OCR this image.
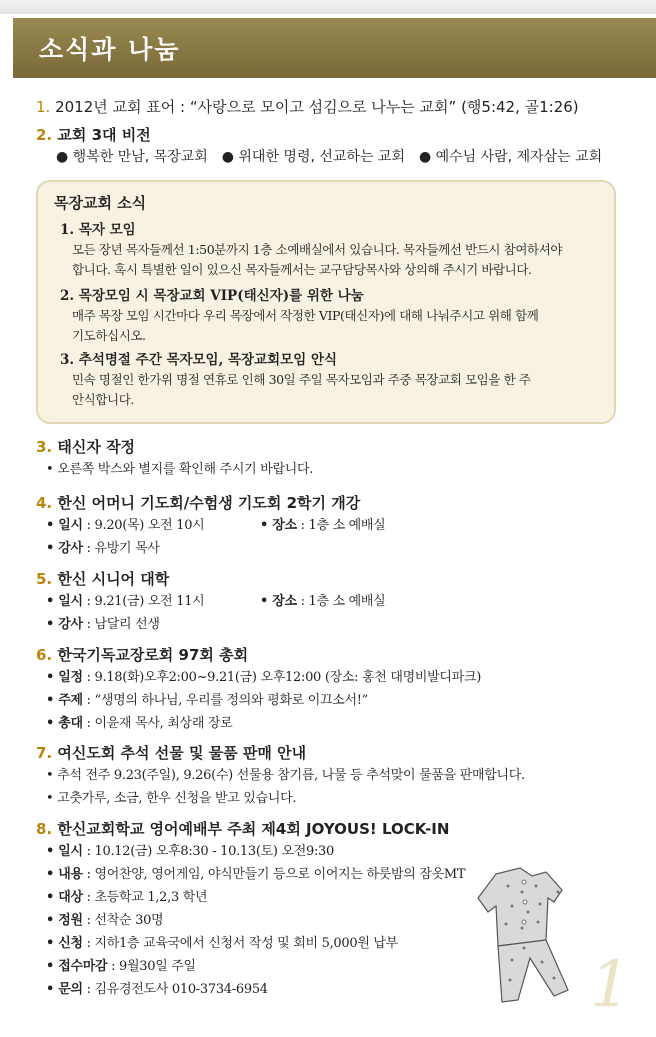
소식과 나눔
1. 2012년 교회 표어 : “사랑으로 모이고 섬김으로 나누는 교회” (행5:42, 골1:26)
2. 교회 3대 비전
● 행복한 만남, 목장교회 ● 위대한 명령, 선교하는 교회 ● 예수님 사람, 제자삼는 교회
목장교회 소식
1. 목자 모임
모든 장년 목자들께선 1:50분까지 1층 소예배실에서 있습니다. 목자들께선 반드시 참여하셔야
합니다. 혹시 특별한 일이 있으신 목자들께서는 교구담당목사와 상의해 주시기 바랍니다.
2. 목장모임 시 목장교회 VIP(태신자)를 위한 나눔
매주 목장 모임 시간마다 우리 목장에서 작정한 VIP(태신자)에 대해 나눠주시고 위해 함께
기도하십시오.
3. 추석명절 주간 목자모임, 목장교회모임 안식
민속 명절인 한가위 명절 연휴로 인해 30일 주일 목자모임과 주중 목장교회 모임을 한 주
안식합니다.
3. 태신자 작정
• 오른쪽 박스와 별지를 확인해 주시기 바랍니다.
4. 한신 어머니 기도회/수험생 기도회 2학기 개강
• 일시 : 9.20(목) 오전 10시	• 장소 : 1층 소 예배실
• 강사 : 유방기 목사
5. 한신 시니어 대학
• 일시 : 9.21(금) 오전 11시	• 장소 : 1층 소 예배실
• 강사 : 남달리 선생
6. 한국기독교장로회 97회 총회
• 일정 : 9.18(화)오후2:00~9.21(금) 오후12:00 (장소: 홍천 대명비발디파크)
• 주제 : “생명의 하나님, 우리를 정의와 평화로 이끄소서!”
• 총대 : 이윤재 목사, 최상래 장로
7. 여신도회 추석 선물 및 물품 판매 안내
• 추석 전주 9.23(주일), 9.26(수) 선물용 참기름, 나물 등 추석맞이 물품을 판매합니다.
• 고춧가루, 소금, 한우 신청을 받고 있습니다.
8. 한신교회학교 영어예배부 주최 제4회 JOYOUS! LOCK-IN
• 일시 : 10.12(금) 오후8:30 - 10.13(토) 오전9:30
• 내용 : 영어찬양, 영어게임, 야식만들기 등으로 이어지는 하룻밤의 잠옷MT
• 대상 : 초등학교 1,2,3 학년
• 정원 : 선착순 30명
• 신청 : 지하1층 교육국에서 신청서 작성 및 회비 5,000원 납부
• 접수마감 : 9월30일 주일
• 문의 : 김유경전도사 010-3734-6954	1
